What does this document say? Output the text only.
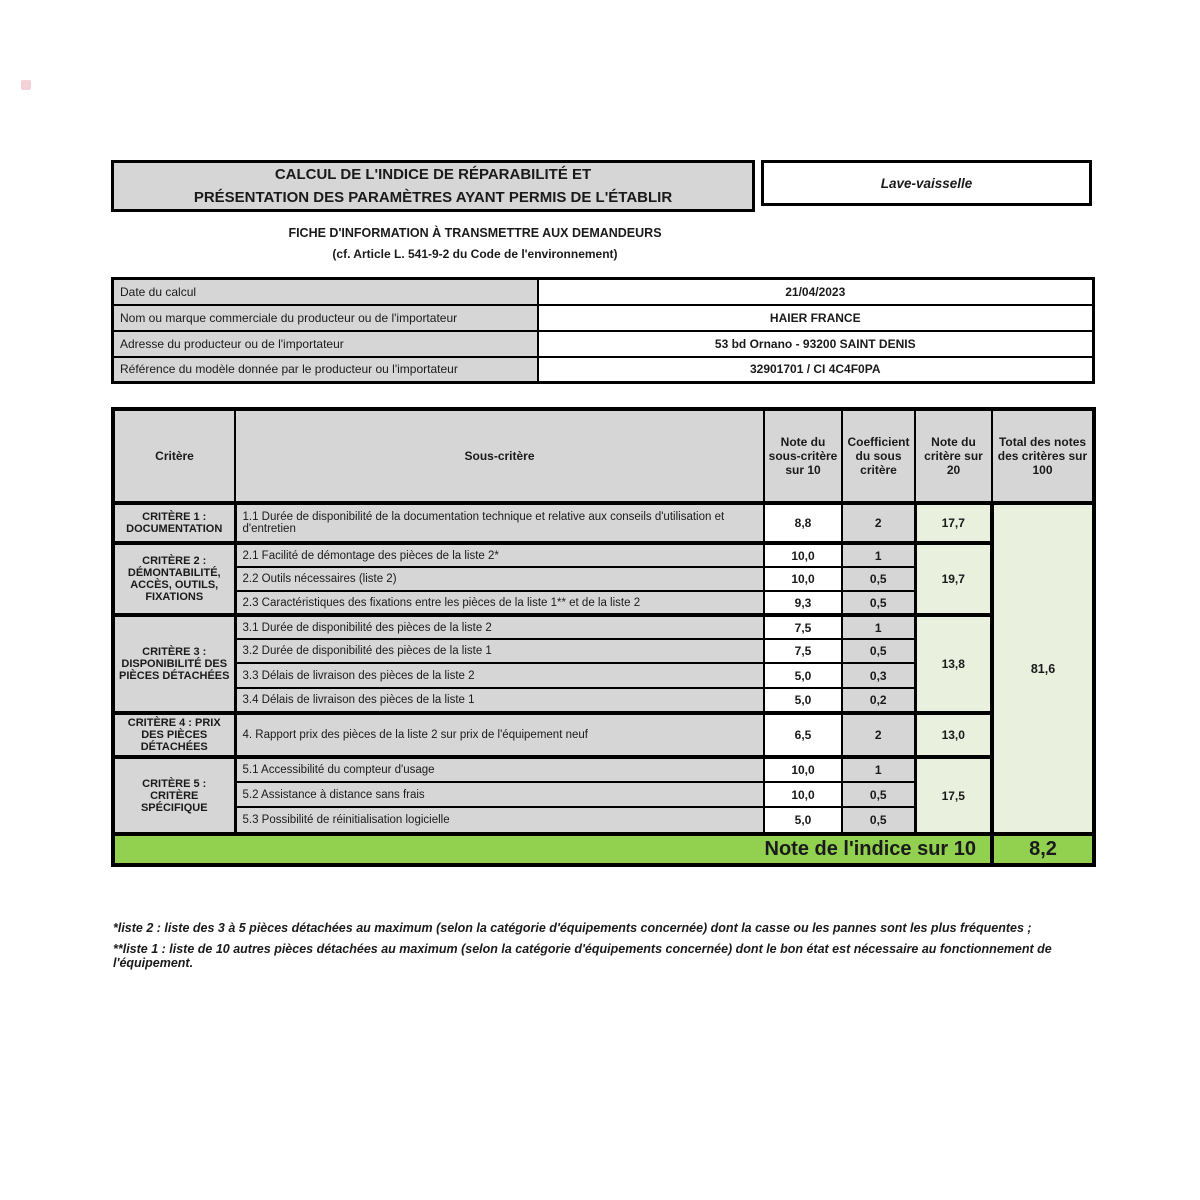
CALCUL DE L'INDICE DE RÉPARABILITÉ ET
PRÉSENTATION DES PARAMÈTRES AYANT PERMIS DE L'ÉTABLIR
Lave-vaisselle
FICHE D'INFORMATION À TRANSMETTRE AUX DEMANDEURS
(cf. Article L. 541-9-2 du Code de l'environnement)
Date du calcul	21/04/2023
Nom ou marque commerciale du producteur ou de l'importateur	HAIER FRANCE
Adresse du producteur ou de l'importateur	53 bd Ornano - 93200 SAINT DENIS
Référence du modèle donnée par le producteur ou l'importateur	32901701 / CI 4C4F0PA
Critère	Sous-critère	Note du sous-critère sur 10	Coefficient du sous critère	Note du critère sur 20	Total des notes des critères sur 100
CRITÈRE 1 : DOCUMENTATION	1.1 Durée de disponibilité de la documentation technique et relative aux conseils d'utilisation et d'entretien	8,8	2	17,7	81,6
CRITÈRE 2 : DÉMONTABILITÉ, ACCÈS, OUTILS, FIXATIONS	2.1 Facilité de démontage des pièces de la liste 2*	10,0	1	19,7	
	2.2 Outils nécessaires (liste 2)	10,0	0,5		
	2.3 Caractéristiques des fixations entre les pièces de la liste 1** et de la liste 2	9,3	0,5		
CRITÈRE 3 : DISPONIBILITÉ DES PIÈCES DÉTACHÉES	3.1 Durée de disponibilité des pièces de la liste 2	7,5	1	13,8	
	3.2 Durée de disponibilité des pièces de la liste 1	7,5	0,5		
	3.3 Délais de livraison des pièces de la liste 2	5,0	0,3		
	3.4 Délais de livraison des pièces de la liste 1	5,0	0,2		
CRITÈRE 4 : PRIX DES PIÈCES DÉTACHÉES	4. Rapport prix des pièces de la liste 2 sur prix de l'équipement neuf	6,5	2	13,0	
CRITÈRE 5 : CRITÈRE SPÉCIFIQUE	5.1 Accessibilité du compteur d'usage	10,0	1	17,5	
	5.2 Assistance à distance sans frais	10,0	0,5		
	5.3 Possibilité de réinitialisation logicielle	5,0	0,5		
Note de l'indice sur 10					8,2
*liste 2 : liste des 3 à 5 pièces détachées au maximum (selon la catégorie d'équipements concernée) dont la casse ou les pannes sont les plus fréquentes ;
**liste 1 : liste de 10 autres pièces détachées au maximum (selon la catégorie d'équipements concernée) dont le bon état est nécessaire au fonctionnement de l'équipement.
